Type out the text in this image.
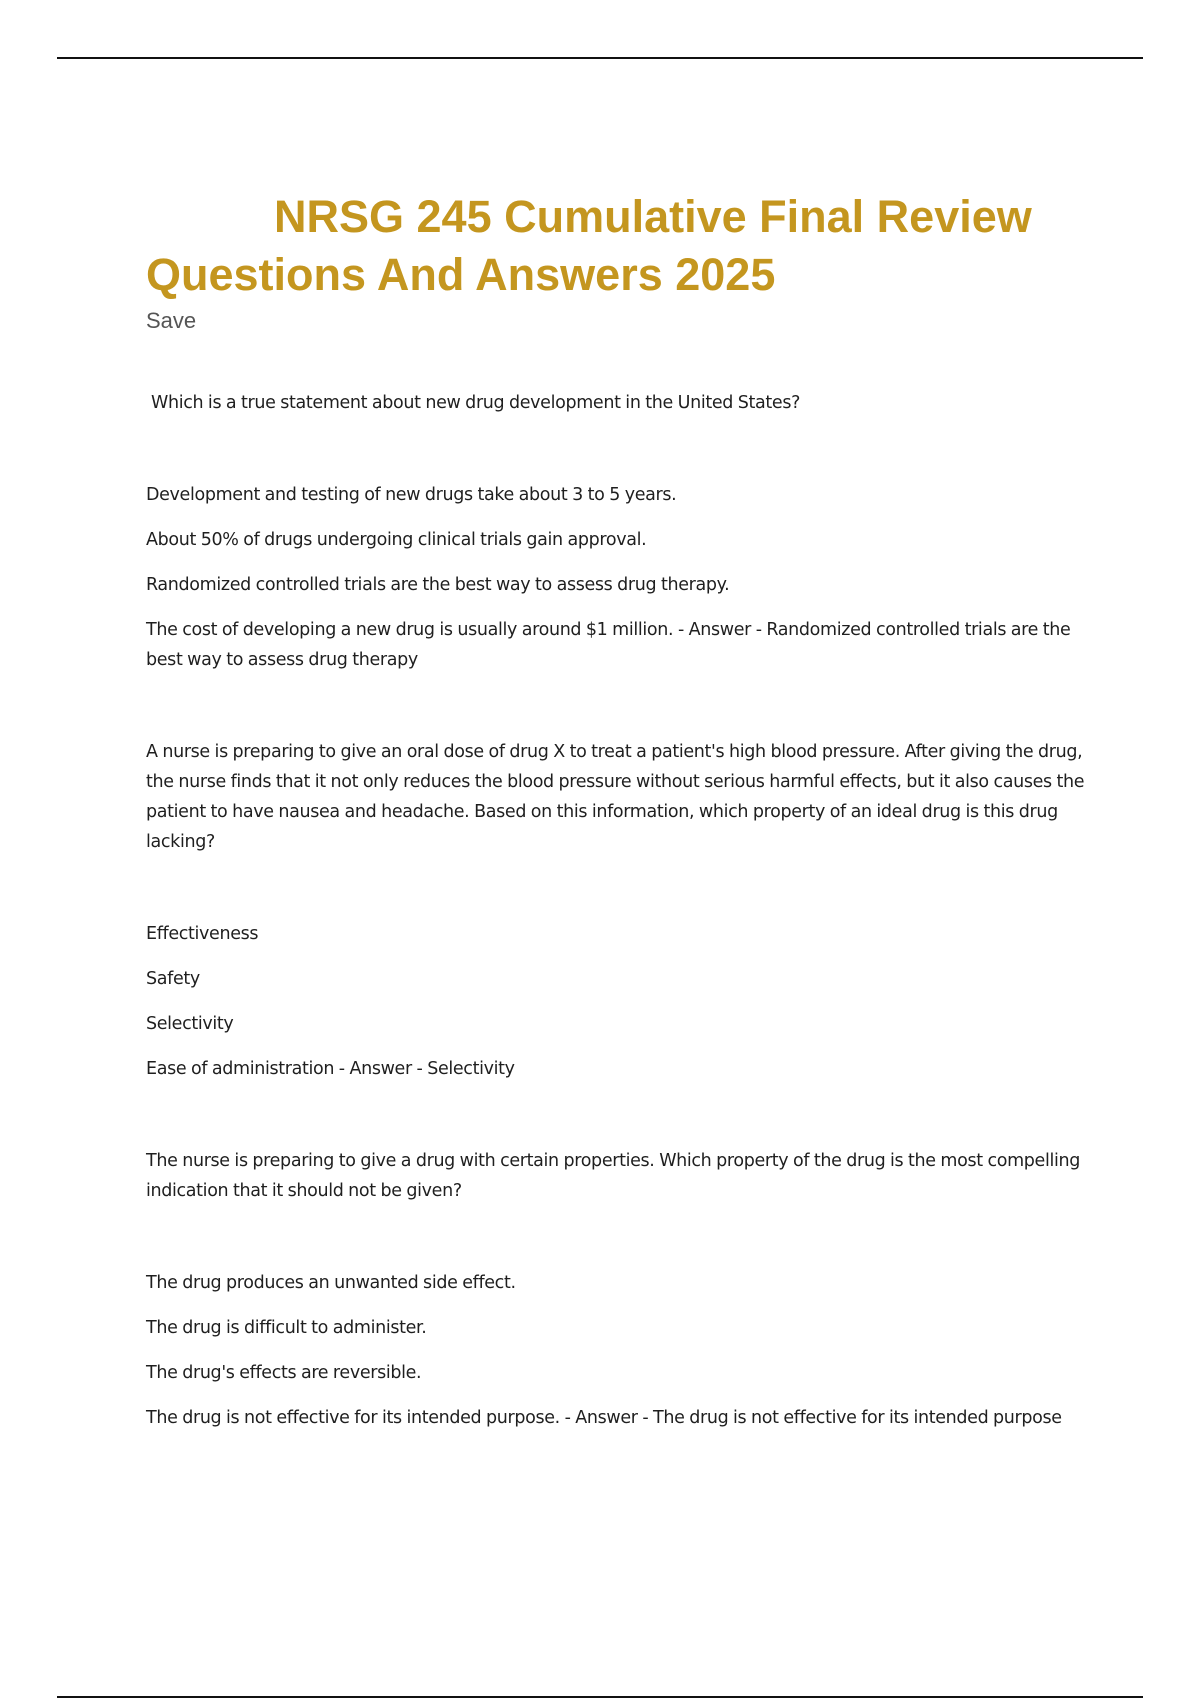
NRSG 245 Cumulative Final Review Questions And Answers 2025
Save

Which is a true statement about new drug development in the United States?

Development and testing of new drugs take about 3 to 5 years.

About 50% of drugs undergoing clinical trials gain approval.

Randomized controlled trials are the best way to assess drug therapy.

The cost of developing a new drug is usually around $1 million. - Answer - Randomized controlled trials are the best way to assess drug therapy

A nurse is preparing to give an oral dose of drug X to treat a patient's high blood pressure. After giving the drug, the nurse finds that it not only reduces the blood pressure without serious harmful effects, but it also causes the patient to have nausea and headache. Based on this information, which property of an ideal drug is this drug lacking?

Effectiveness

Safety

Selectivity

Ease of administration - Answer - Selectivity

The nurse is preparing to give a drug with certain properties. Which property of the drug is the most compelling indication that it should not be given?

The drug produces an unwanted side effect.

The drug is difficult to administer.

The drug's effects are reversible.

The drug is not effective for its intended purpose. - Answer - The drug is not effective for its intended purpose
